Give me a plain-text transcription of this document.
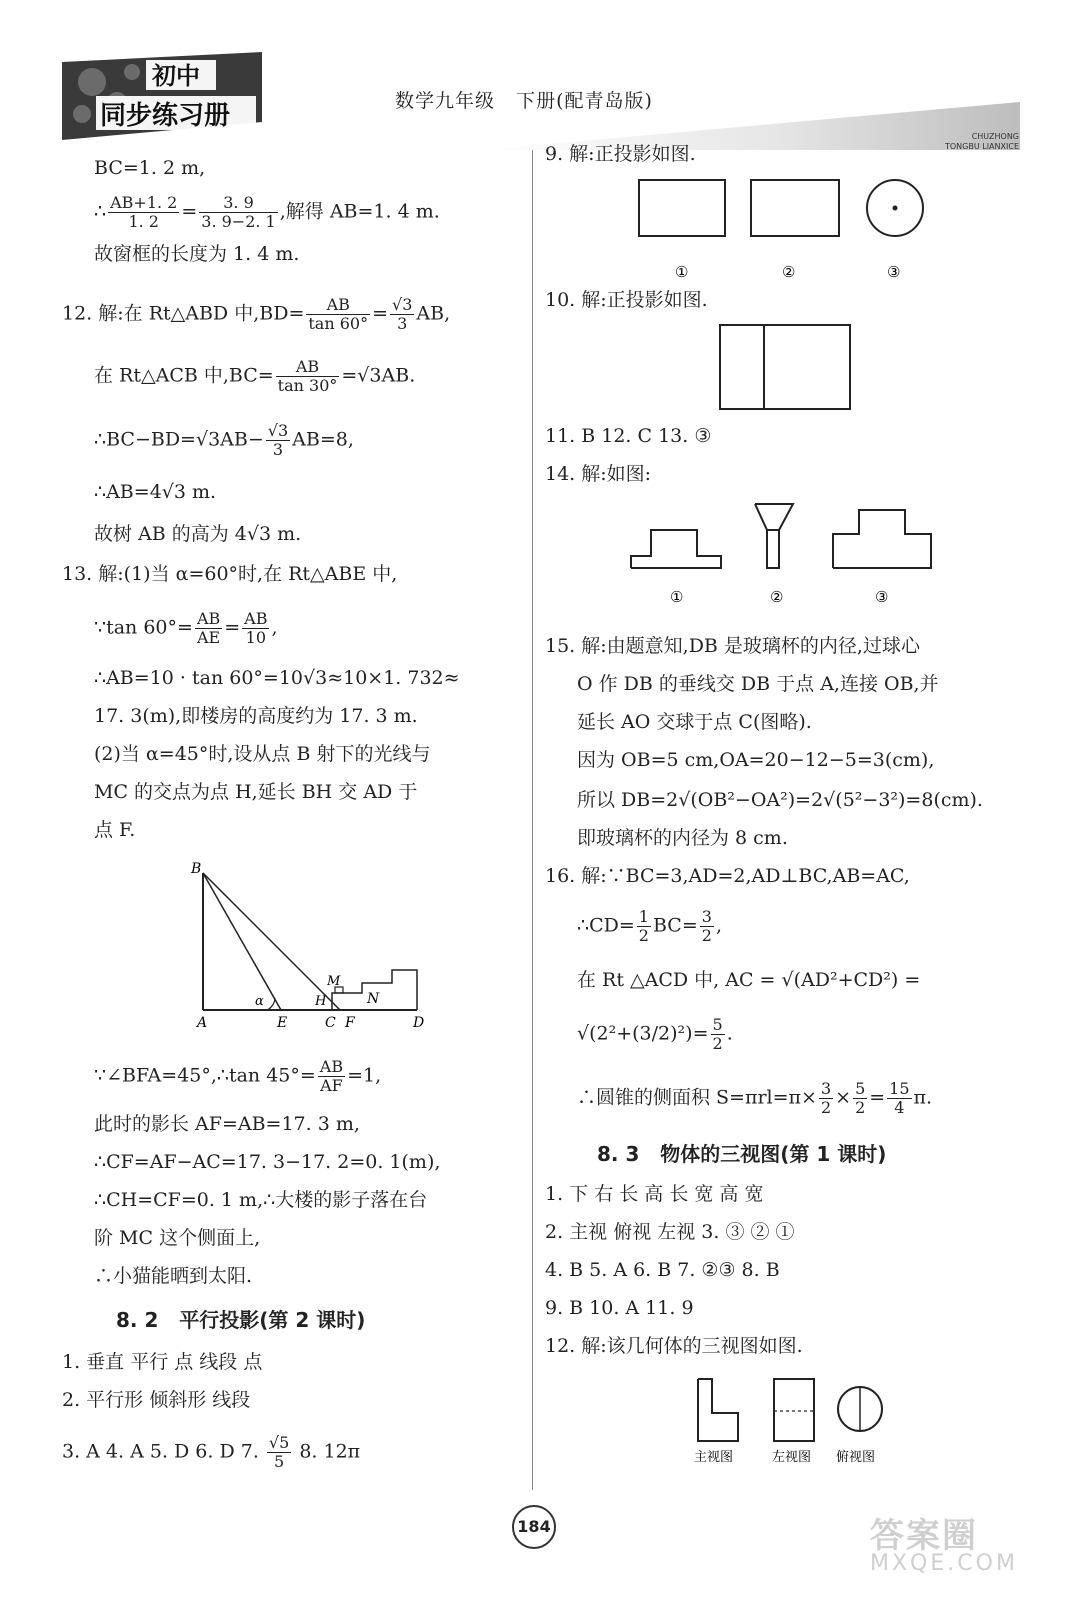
初中
同步练习册	数学九年级   下册(配青岛版)
CHUZHONG
TONGBU LIANXICE
BC=1. 2 m,
∴ $\frac{AB+1. 2}{1. 2} = \frac{3. 9}{3. 9-2. 1}$ ,解得 AB=1. 4 m.
故窗框的长度为 1. 4 m.
12. 解:在 Rt△ABD 中$,BD= \frac{AB}{\tan 60^\circ} = \frac{√3}{3}$ AB,
在 Rt△ACB 中$,BC= \frac{AB}{\tan 30^\circ} =√3AB$.
∴BC−BD=√3AB− $\frac{√3}{3} AB=8$,
∴AB=4√3 m.
故树 AB 的高为 4√3 m.
13. 解:(1)当 α=60°时,在 Rt△ABE 中,
∵tan $60^\circ= \frac{AB}{AE} = \frac{AB}{10}$ ,
∴AB=10 · tan 60°=10√3≈10×1. 732≈
17. 3(m),即楼房的高度约为 17. 3 m.
(2)当 α=45°时,设从点 B 射下的光线与
MC 的交点为点 H,延长 BH 交 AD 于
点 F.
B
A	E	C F	D
M
H	N
α
∵∠BFA=45°,∴tan $45^\circ= \frac{AB}{AF} =1$,
此时的影长 AF=AB=17. 3 m,
∴CF=AF−AC=17. 3−17. 2=0. 1(m),
∴CH=CF=0. 1 m,∴大楼的影子落在台
阶 MC 这个侧面上,
∴小猫能晒到太阳.
8. 2   平行投影(第 2 课时)
1. 垂直 平行 点 线段 点
2. 平行形 倾斜形 线段
3. A 4. A 5. D 6. D 7. $\frac{√5}{5} 8$. 12π
9. 解:正投影如图.
①	②	③
10. 解:正投影如图.
11. B 12. C 13. ③
14. 解:如图:
①	②	③
15. 解:由题意知,DB 是玻璃杯的内径,过球心
O 作 DB 的垂线交 DB 于点 A,连接 OB,并
延长 AO 交球于点 C(图略).
因为 OB=5 cm,OA=20−12−5=3(cm),
所以 DB=2√(OB²−OA²)=2√(5²−3²)=8(cm).
即玻璃杯的内径为 8 cm.
16. 解:∵BC=3,AD=2,AD⊥BC,AB=AC,
∴CD= $\frac{1}{2} BC= \frac{3}{2}$ ,
在 Rt △ACD 中, AC = √(AD²+CD²) =
$√(2^2+(3/2)^2)= \frac{5}{2}$ .
∴圆锥的侧面积 $S=\pi rl=\pi\times \frac{3}{2} \times \frac{5}{2} = \frac{15}{4} \pi$.
8. 3   物体的三视图(第 1 课时)
1. 下 右 长 高 长 宽 高 宽
2. 主视 俯视 左视 3. ③ ② ①
4. B 5. A 6. B 7. ②③ 8. B
9. B 10. A 11. 9
12. 解:该几何体的三视图如图.
主视图	左视图 俯视图
184	答案圈
MXQE.COM
